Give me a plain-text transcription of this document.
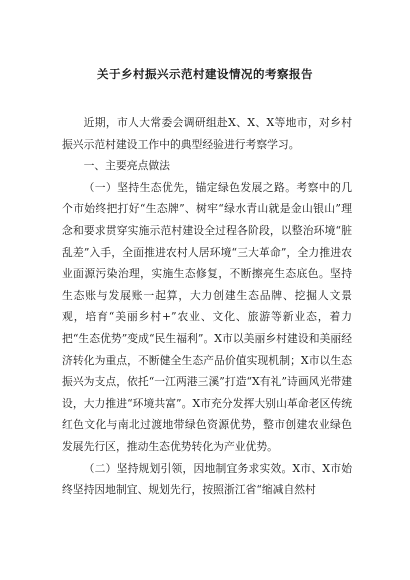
关于乡村振兴示范村建设情况的考察报告

近期，市人大常委会调研组赴X、X、X等地市，对乡村振兴示范村建设工作中的典型经验进行考察学习。

一、主要亮点做法

（一）坚持生态优先，锚定绿色发展之路。考察中的几个市始终把打好“生态牌”、树牢“绿水青山就是金山银山”理念和要求贯穿实施示范村建设全过程各阶段，以整治环境“脏乱差”入手，全面推进农村人居环境“三大革命”，全力推进农业面源污染治理，实施生态修复，不断擦亮生态底色。坚持生态账与发展账一起算，大力创建生态品牌、挖掘人文景观，培育“美丽乡村+”农业、文化、旅游等新业态，着力把“生态优势”变成“民生福利”。X市以美丽乡村建设和美丽经济转化为重点，不断健全生态产品价值实现机制；X市以生态振兴为支点，依托“一江两港三溪”打造“X有礼”诗画风光带建设，大力推进“环境共富”。X市充分发挥大别山革命老区传统红色文化与南北过渡地带绿色资源优势，整市创建农业绿色发展先行区，推动生态优势转化为产业优势。

（二）坚持规划引领，因地制宜务求实效。X市、X市始终坚持因地制宜、规划先行，按照浙江省“缩减自然村
